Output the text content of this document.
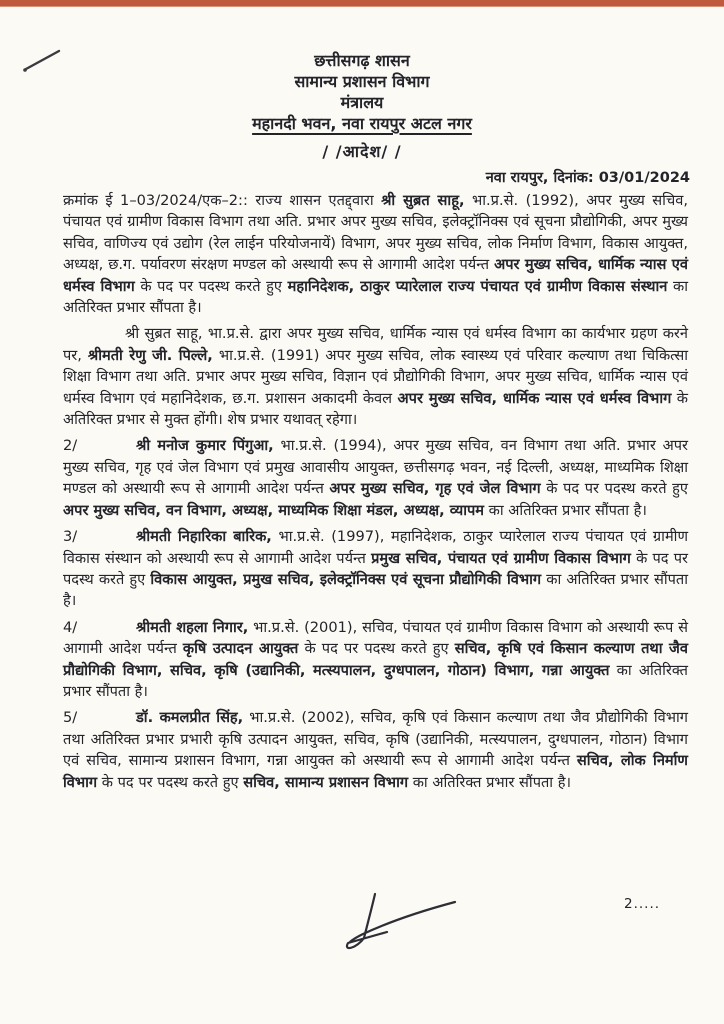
छत्तीसगढ़ शासन
सामान्य प्रशासन विभाग
मंत्रालय
महानदी भवन, नवा रायपुर अटल नगर
/ /आदेश/ /
नवा रायपुर, दिनांक: 03/01/2024

क्रमांक ई 1–03/2024/एक–2:: राज्य शासन एतद्द्वारा श्री सुब्रत साहू, भा.प्र.से. (1992), अपर मुख्य सचिव, पंचायत एवं ग्रामीण विकास विभाग तथा अति. प्रभार अपर मुख्य सचिव, इलेक्ट्रॉनिक्स एवं सूचना प्रौद्योगिकी, अपर मुख्य सचिव, वाणिज्य एवं उद्योग (रेल लाईन परियोजनायें) विभाग, अपर मुख्य सचिव, लोक निर्माण विभाग, विकास आयुक्त, अध्यक्ष, छ.ग. पर्यावरण संरक्षण मण्डल को अस्थायी रूप से आगामी आदेश पर्यन्त अपर मुख्य सचिव, धार्मिक न्यास एवं धर्मस्व विभाग के पद पर पदस्थ करते हुए महानिदेशक, ठाकुर प्यारेलाल राज्य पंचायत एवं ग्रामीण विकास संस्थान का अतिरिक्त प्रभार सौंपता है।

श्री सुब्रत साहू, भा.प्र.से. द्वारा अपर मुख्य सचिव, धार्मिक न्यास एवं धर्मस्व विभाग का कार्यभार ग्रहण करने पर, श्रीमती रेणु जी. पिल्ले, भा.प्र.से. (1991) अपर मुख्य सचिव, लोक स्वास्थ्य एवं परिवार कल्याण तथा चिकित्सा शिक्षा विभाग तथा अति. प्रभार अपर मुख्य सचिव, विज्ञान एवं प्रौद्योगिकी विभाग, अपर मुख्य सचिव, धार्मिक न्यास एवं धर्मस्व विभाग एवं महानिदेशक, छ.ग. प्रशासन अकादमी केवल अपर मुख्य सचिव, धार्मिक न्यास एवं धर्मस्व विभाग के अतिरिक्त प्रभार से मुक्त होंगी। शेष प्रभार यथावत् रहेगा।

2/	श्री मनोज कुमार पिंगुआ, भा.प्र.से. (1994), अपर मुख्य सचिव, वन विभाग तथा अति. प्रभार अपर मुख्य सचिव, गृह एवं जेल विभाग एवं प्रमुख आवासीय आयुक्त, छत्तीसगढ़ भवन, नई दिल्ली, अध्यक्ष, माध्यमिक शिक्षा मण्डल को अस्थायी रूप से आगामी आदेश पर्यन्त अपर मुख्य सचिव, गृह एवं जेल विभाग के पद पर पदस्थ करते हुए अपर मुख्य सचिव, वन विभाग, अध्यक्ष, माध्यमिक शिक्षा मंडल, अध्यक्ष, व्यापम का अतिरिक्त प्रभार सौंपता है।

3/	श्रीमती निहारिका बारिक, भा.प्र.से. (1997), महानिदेशक, ठाकुर प्यारेलाल राज्य पंचायत एवं ग्रामीण विकास संस्थान को अस्थायी रूप से आगामी आदेश पर्यन्त प्रमुख सचिव, पंचायत एवं ग्रामीण विकास विभाग के पद पर पदस्थ करते हुए विकास आयुक्त, प्रमुख सचिव, इलेक्ट्रॉनिक्स एवं सूचना प्रौद्योगिकी विभाग का अतिरिक्त प्रभार सौंपता है।

4/	श्रीमती शहला निगार, भा.प्र.से. (2001), सचिव, पंचायत एवं ग्रामीण विकास विभाग को अस्थायी रूप से आगामी आदेश पर्यन्त कृषि उत्पादन आयुक्त के पद पर पदस्थ करते हुए सचिव, कृषि एवं किसान कल्याण तथा जैव प्रौद्योगिकी विभाग, सचिव, कृषि (उद्यानिकी, मत्स्यपालन, दुग्धपालन, गोठान) विभाग, गन्ना आयुक्त का अतिरिक्त प्रभार सौंपता है।

5/	डॉ. कमलप्रीत सिंह, भा.प्र.से. (2002), सचिव, कृषि एवं किसान कल्याण तथा जैव प्रौद्योगिकी विभाग तथा अतिरिक्त प्रभार प्रभारी कृषि उत्पादन आयुक्त, सचिव, कृषि (उद्यानिकी, मत्स्यपालन, दुग्धपालन, गोठान) विभाग एवं सचिव, सामान्य प्रशासन विभाग, गन्ना आयुक्त को अस्थायी रूप से आगामी आदेश पर्यन्त सचिव, लोक निर्माण विभाग के पद पर पदस्थ करते हुए सचिव, सामान्य प्रशासन विभाग का अतिरिक्त प्रभार सौंपता है।

2.....
